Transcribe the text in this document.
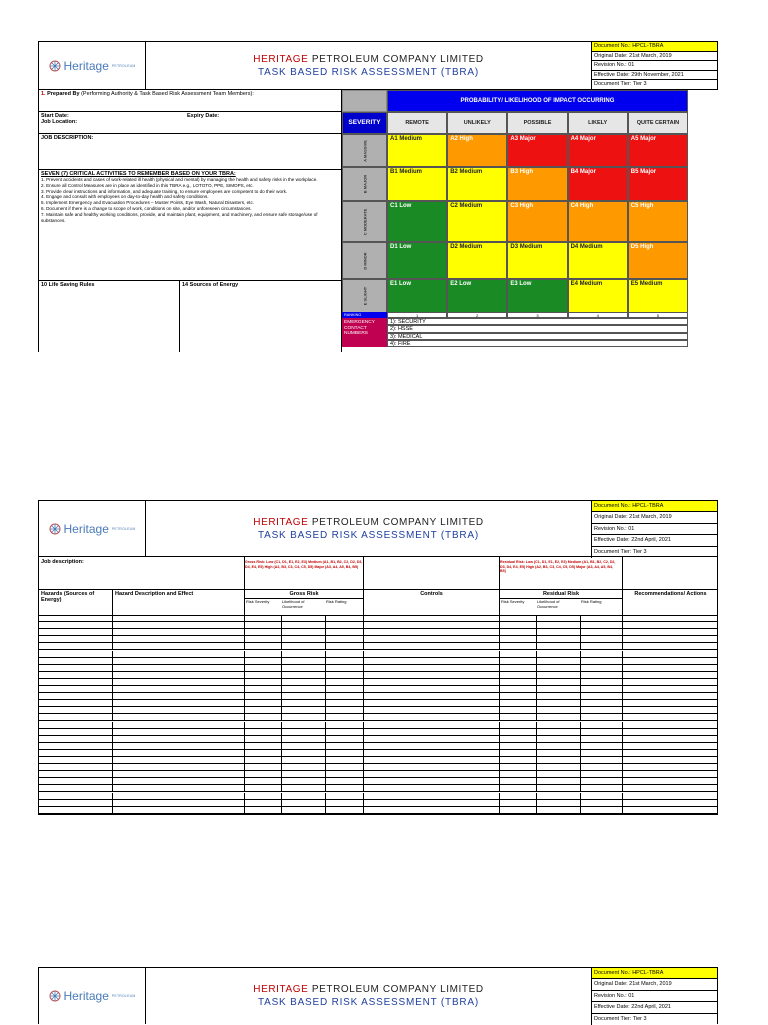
Heritage PETROLEUM
HERITAGE PETROLEUM COMPANY LIMITED
TASK BASED RISK ASSESSMENT (TBRA)
Document No.: HPCL-TBRA
Original Date: 21st March, 2019
Revision No.: 01
Effective Date: 29th November, 2021
Document Tier: Tier 3
1. Prepared By (Performing Authority & Task Based Risk Assessment Team Members):
Start Date:	Expiry Date:
Job Location:
JOB DESCRIPTION:
SEVEN (7) CRITICAL ACTIVITIES TO REMEMBER BASED ON YOUR TBRA:
1. Prevent accidents and cases of work-related ill health (physical and mental) by managing the health and safety risks in the workplace.
2. Ensure all Control Measures are in place as identified in this TBRA e.g., LOTOTO, PPE, SIMOPS, etc.
3. Provide clear instructions and information, and adequate training, to ensure employees are competent to do their work.
4. Engage and consult with employees on day-to-day health and safety conditions.
5. Implement Emergency and Evacuation Procedures – Muster Points, Eye Wash, Natural Disasters, etc.
6. Document if there is a change to scope of work, conditions on site, and/or unforeseen circumstances.
7. Maintain safe and healthy working conditions, provide, and maintain plant, equipment, and machinery, and ensure safe storage/use of substances.
10 Life Saving Rules	14 Sources of Energy
PROBABILITY/ LIKELIHOOD OF IMPACT OCCURRING
SEVERITY	REMOTE	UNLIKELY	POSSIBLE	LIKELY	QUITE CERTAIN
A MASSIVE
A1 Medium	A2 High	A3 Major	A4 Major	A5 Major
B MAJOR
B1 Medium	B2 Medium	B3 High	B4 Major	B5 Major
C MODERATE
C1 Low	C2 Medium	C3 High	C4 High	C5 High
D MINOR
D1 Low	D2 Medium	D3 Medium	D4 Medium	D5 High
E SLIGHT
E1 Low	E2 Low	E3 Low	E4 Medium	E5 Medium
RANKING
EMERGENCY CONTACT NUMBERS
1	2	3	4	5
1): SECURITY
2): HSSE
3): MEDICAL
4): FIRE
Heritage PETROLEUM
HERITAGE PETROLEUM COMPANY LIMITED
TASK BASED RISK ASSESSMENT (TBRA)
Document No.: HPCL-TBRA
Original Date: 21st March, 2019
Revision No.: 01
Effective Date: 22nd April, 2021
Document Tier: Tier 3
Job description:	Gross Risk: Low (C1, D1, E1, E2, E3) Medium (A1, B1, B2, C2, D2, D3, D4, E4, E5) High (A2, B3, C3, C4, C5, D5) Major (A3, A4, A5, B4, B5)
Residual Risk: Low (C1, D1, E1, E2, E3) Medium (A1, B1, B2, C2, D2, D3, D4, E4, E5) High (A2, B3, C3, C4, C5, D5) Major (A3, A4, A5, B4, B5)
Hazards (Sources of Energy)
Hazard Description and Effect	Gross Risk
Risk Severity	Likelihood of Occurrence
Risk Rating
Controls	Residual Risk
Risk Severity	Likelihood of Occurrence
Risk Rating
Recommendations/ Actions
Heritage PETROLEUM
HERITAGE PETROLEUM COMPANY LIMITED
TASK BASED RISK ASSESSMENT (TBRA)
Document No.: HPCL-TBRA
Original Date: 21st March, 2019
Revision No.: 01
Effective Date: 22nd April, 2021
Document Tier: Tier 3
